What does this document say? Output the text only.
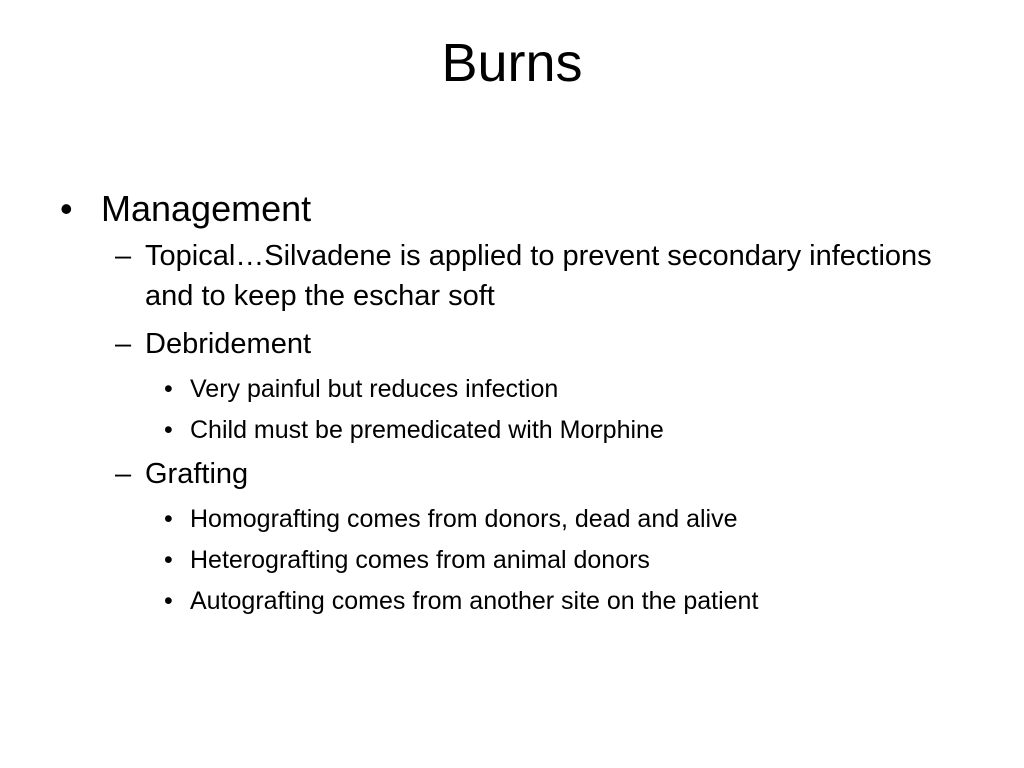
Burns
• Management
– Topical…Silvadene is applied to prevent secondary infections and to keep the eschar soft
– Debridement
• Very painful but reduces infection
• Child must be premedicated with Morphine
– Grafting
• Homografting comes from donors, dead and alive
• Heterografting comes from animal donors
• Autografting comes from another site on the patient
